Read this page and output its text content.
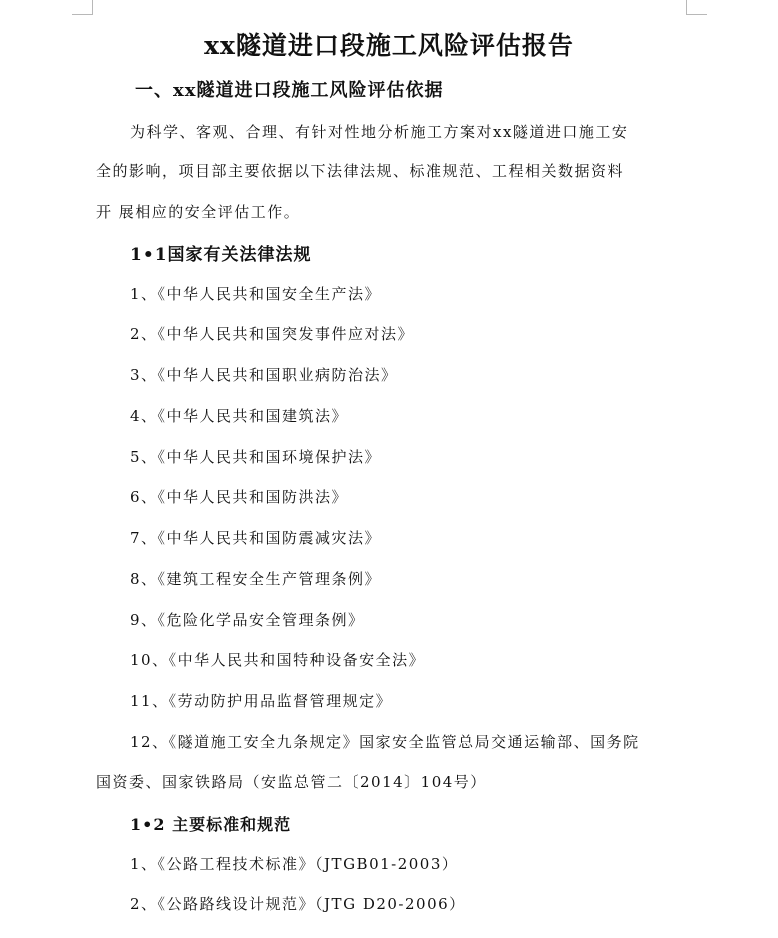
xx隧道进口段施工风险评估报告
一、xx隧道进口段施工风险评估依据
为科学、客观、合理、有针对性地分析施工方案对xx隧道进口施工安
全的影响，项目部主要依据以下法律法规、标准规范、工程相关数据资料
开 展相应的安全评估工作。
1•1国家有关法律法规
1、《中华人民共和国安全生产法》
2、《中华人民共和国突发事件应对法》
3、《中华人民共和国职业病防治法》
4、《中华人民共和国建筑法》
5、《中华人民共和国环境保护法》
6、《中华人民共和国防洪法》
7、《中华人民共和国防震减灾法》
8、《建筑工程安全生产管理条例》
9、《危险化学品安全管理条例》
10、《中华人民共和国特种设备安全法》
11、《劳动防护用品监督管理规定》
12、《隧道施工安全九条规定》国家安全监管总局交通运输部、国务院
国资委、国家铁路局（安监总管二〔2014〕104号）
1•2 主要标准和规范
1、《公路工程技术标准》（JTGB01-2003）
2、《公路路线设计规范》（JTG D20-2006）
